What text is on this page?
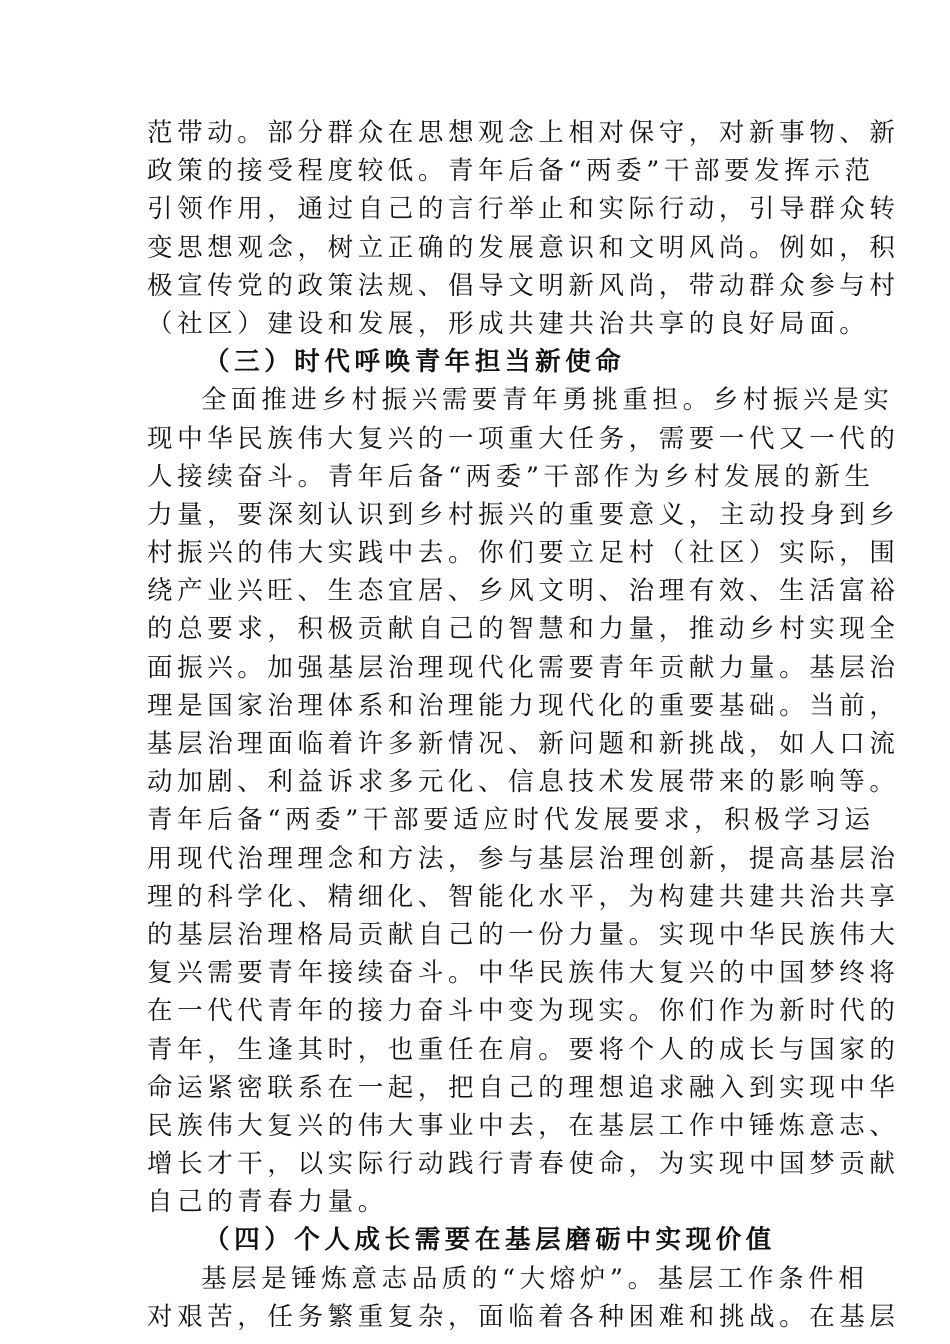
范带动。部分群众在思想观念上相对保守，对新事物、新
政策的接受程度较低。青年后备“两委”干部要发挥示范
引领作用，通过自己的言行举止和实际行动，引导群众转
变思想观念，树立正确的发展意识和文明风尚。例如，积
极宣传党的政策法规、倡导文明新风尚，带动群众参与村
（社区）建设和发展，形成共建共治共享的良好局面。
（三）时代呼唤青年担当新使命
全面推进乡村振兴需要青年勇挑重担。乡村振兴是实
现中华民族伟大复兴的一项重大任务，需要一代又一代的
人接续奋斗。青年后备“两委”干部作为乡村发展的新生
力量，要深刻认识到乡村振兴的重要意义，主动投身到乡
村振兴的伟大实践中去。你们要立足村（社区）实际，围
绕产业兴旺、生态宜居、乡风文明、治理有效、生活富裕
的总要求，积极贡献自己的智慧和力量，推动乡村实现全
面振兴。加强基层治理现代化需要青年贡献力量。基层治
理是国家治理体系和治理能力现代化的重要基础。当前，
基层治理面临着许多新情况、新问题和新挑战，如人口流
动加剧、利益诉求多元化、信息技术发展带来的影响等。
青年后备“两委”干部要适应时代发展要求，积极学习运
用现代治理理念和方法，参与基层治理创新，提高基层治
理的科学化、精细化、智能化水平，为构建共建共治共享
的基层治理格局贡献自己的一份力量。实现中华民族伟大
复兴需要青年接续奋斗。中华民族伟大复兴的中国梦终将
在一代代青年的接力奋斗中变为现实。你们作为新时代的
青年，生逢其时，也重任在肩。要将个人的成长与国家的
命运紧密联系在一起，把自己的理想追求融入到实现中华
民族伟大复兴的伟大事业中去，在基层工作中锤炼意志、
增长才干，以实际行动践行青春使命，为实现中国梦贡献
自己的青春力量。
（四）个人成长需要在基层磨砺中实现价值
基层是锤炼意志品质的“大熔炉”。基层工作条件相
对艰苦，任务繁重复杂，面临着各种困难和挑战。在基层
